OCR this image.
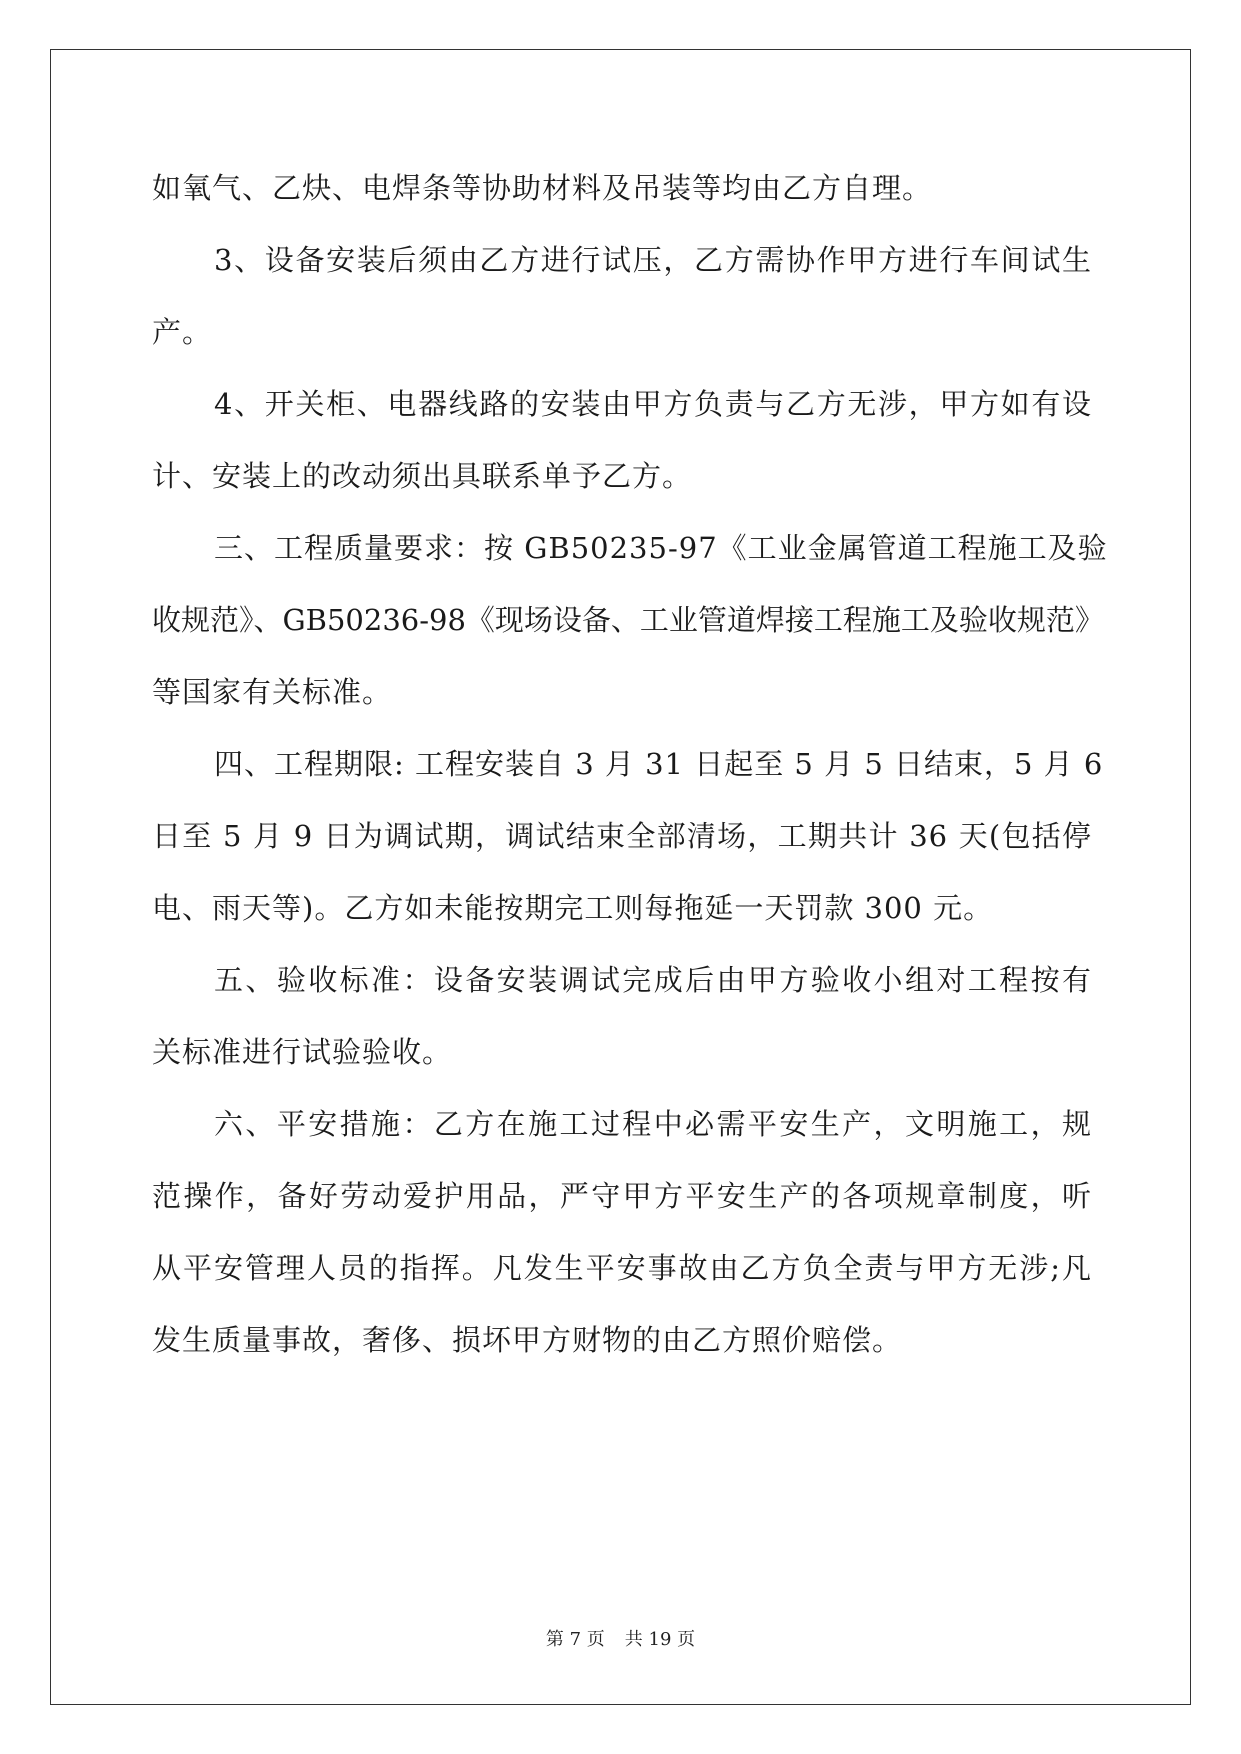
如氧气、乙炔、电焊条等协助材料及吊装等均由乙方自理。
3、设备安装后须由乙方进行试压，乙方需协作甲方进行车间试生
产。
4、开关柜、电器线路的安装由甲方负责与乙方无涉，甲方如有设
计、安装上的改动须出具联系单予乙方。
三、工程质量要求：按 GB50235-97《工业金属管道工程施工及验
收规范》、GB50236-98《现场设备、工业管道焊接工程施工及验收规范》
等国家有关标准。
四、工程期限: 工程安装自 3 月 31 日起至 5 月 5 日结束，5 月 6
日至 5 月 9 日为调试期，调试结束全部清场，工期共计 36 天(包括停
电、雨天等)。乙方如未能按期完工则每拖延一天罚款 300 元。
五、验收标准：设备安装调试完成后由甲方验收小组对工程按有
关标准进行试验验收。
六、平安措施：乙方在施工过程中必需平安生产，文明施工，规
范操作，备好劳动爱护用品，严守甲方平安生产的各项规章制度，听
从平安管理人员的指挥。凡发生平安事故由乙方负全责与甲方无涉;凡
发生质量事故，奢侈、损坏甲方财物的由乙方照价赔偿。
第 7 页 共 19 页
